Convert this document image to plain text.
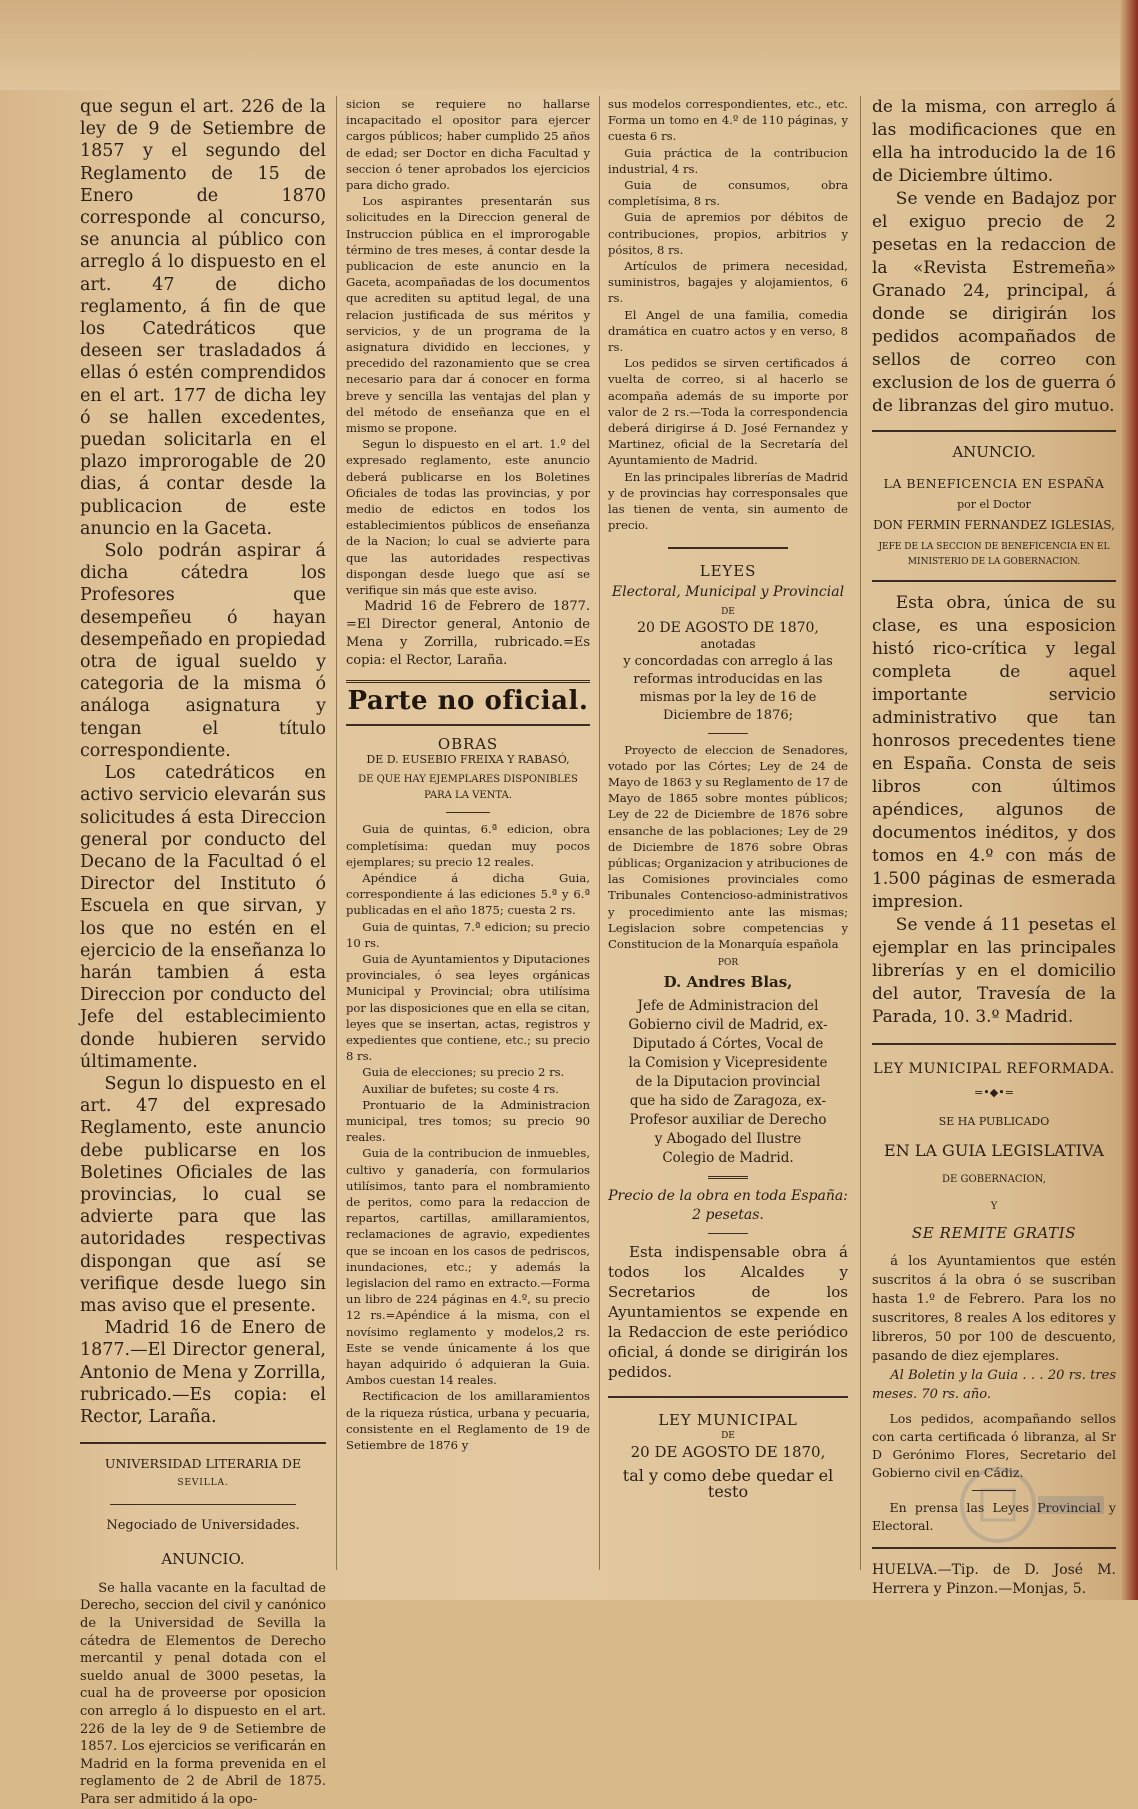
que segun el art. 226 de la ley de 9 de Setiembre de 1857 y el segundo del Reglamento de 15 de Enero de 1870 corresponde al concurso, se anuncia al público con arreglo á lo dispuesto en el art. 47 de dicho reglamento, á fin de que los Catedráticos que deseen ser trasladados á ellas ó estén comprendidos en el art. 177 de dicha ley ó se hallen excedentes, puedan solicitarla en el plazo improrogable de 20 dias, á contar desde la publicacion de este anuncio en la Gaceta.

Solo podrán aspirar á dicha cátedra los Profesores que desempeñeu ó hayan desempeñado en propiedad otra de igual sueldo y categoria de la misma ó análoga asignatura y tengan el título correspondiente.

Los catedráticos en activo servicio elevarán sus solicitudes á esta Direccion general por conducto del Decano de la Facultad ó el Director del Instituto ó Escuela en que sirvan, y los que no estén en el ejercicio de la enseñanza lo harán tambien á esta Direccion por conducto del Jefe del establecimiento donde hubieren servido últimamente.

Segun lo dispuesto en el art. 47 del expresado Reglamento, este anuncio debe publicarse en los Boletines Oficiales de las provincias, lo cual se advierte para que las autoridades respectivas dispongan que así se verifique desde luego sin mas aviso que el presente.

Madrid 16 de Enero de 1877.—El Director general, Antonio de Mena y Zorrilla, rubricado.—Es copia: el Rector, Laraña.

UNIVERSIDAD LITERARIA DE
SEVILLA.
Negociado de Universidades.
ANUNCIO.

Se halla vacante en la facultad de Derecho, seccion del civil y canónico de la Universidad de Sevilla la cátedra de Elementos de Derecho mercantil y penal dotada con el sueldo anual de 3000 pesetas, la cual ha de proveerse por oposicion con arreglo á lo dispuesto en el art. 226 de la ley de 9 de Setiembre de 1857. Los ejercicios se verificarán en Madrid en la forma prevenida en el reglamento de 2 de Abril de 1875. Para ser admitido á la opo-

sicion se requiere no hallarse incapacitado el opositor para ejercer cargos públicos; haber cumplido 25 años de edad; ser Doctor en dicha Facultad y seccion ó tener aprobados los ejercicios para dicho grado.

Los aspirantes presentarán sus solicitudes en la Direccion general de Instruccion pública en el improrogable término de tres meses, á contar desde la publicacion de este anuncio en la Gaceta, acompañadas de los documentos que acrediten su aptitud legal, de una relacion justificada de sus méritos y servicios, y de un programa de la asignatura dividido en lecciones, y precedido del razonamiento que se crea necesario para dar á conocer en forma breve y sencilla las ventajas del plan y del método de enseñanza que en el mismo se propone.

Segun lo dispuesto en el art. 1.º del expresado reglamento, este anuncio deberá publicarse en los Boletines Oficiales de todas las provincias, y por medio de edictos en todos los establecimientos públicos de enseñanza de la Nacion; lo cual se advierte para que las autoridades respectivas dispongan desde luego que así se verifique sin más que este aviso.

Madrid 16 de Febrero de 1877. =El Director general, Antonio de Mena y Zorrilla, rubricado.=Es copia: el Rector, Laraña.

Parte no oficial.
OBRAS
DE D. EUSEBIO FREIXA Y RABASÓ,
DE QUE HAY EJEMPLARES DISPONIBLES PARA LA VENTA.

Guia de quintas, 6.ª edicion, obra completísima: quedan muy pocos ejemplares; su precio 12 reales.

Apéndice á dicha Guia, correspondiente á las ediciones 5.ª y 6.ª publicadas en el año 1875; cuesta 2 rs.

Guia de quintas, 7.ª edicion; su precio 10 rs.

Guia de Ayuntamientos y Diputaciones provinciales, ó sea leyes orgánicas Municipal y Provincial; obra utilísima por las disposiciones que en ella se citan, leyes que se insertan, actas, registros y expedientes que contiene, etc.; su precio 8 rs.

Guia de elecciones; su precio 2 rs.

Auxiliar de bufetes; su coste 4 rs.

Prontuario de la Administracion municipal, tres tomos; su precio 90 reales.

Guia de la contribucion de inmuebles, cultivo y ganadería, con formularios utilísimos, tanto para el nombramiento de peritos, como para la redaccion de repartos, cartillas, amillaramientos, reclamaciones de agravio, expedientes que se incoan en los casos de pedriscos, inundaciones, etc.; y además la legislacion del ramo en extracto.—Forma un libro de 224 páginas en 4.º, su precio 12 rs.=Apéndice á la misma, con el novísimo reglamento y modelos,2 rs. Este se vende únicamente á los que hayan adquirido ó adquieran la Guia. Ambos cuestan 14 reales.

Rectificacion de los amillaramientos de la riqueza rústica, urbana y pecuaria, consistente en el Reglamento de 19 de Setiembre de 1876 y

sus modelos correspondientes, etc., etc. Forma un tomo en 4.º de 110 páginas, y cuesta 6 rs.

Guia práctica de la contribucion industrial, 4 rs.

Guia de consumos, obra completísima, 8 rs.

Guia de apremios por débitos de contribuciones, propios, arbitrios y pósitos, 8 rs.

Artículos de primera necesidad, suministros, bagajes y alojamientos, 6 rs.

El Angel de una familia, comedia dramática en cuatro actos y en verso, 8 rs.

Los pedidos se sirven certificados á vuelta de correo, si al hacerlo se acompaña además de su importe por valor de 2 rs.—Toda la correspondencia deberá dirigirse á D. José Fernandez y Martinez, oficial de la Secretaría del Ayuntamiento de Madrid.

En las principales librerías de Madrid y de provincias hay corresponsales que las tienen de venta, sin aumento de precio.

LEYES
Electoral, Municipal y Provincial
DE
20 DE AGOSTO DE 1870,
anotadas
y concordadas con arreglo á las reformas introducidas en las mismas por la ley de 16 de Diciembre de 1876;

Proyecto de eleccion de Senadores, votado por las Córtes; Ley de 24 de Mayo de 1863 y su Reglamento de 17 de Mayo de 1865 sobre montes públicos; Ley de 22 de Diciembre de 1876 sobre ensanche de las poblaciones; Ley de 29 de Diciembre de 1876 sobre Obras públicas; Organizacion y atribuciones de las Comisiones provinciales como Tribunales Contencioso-administrativos y procedimiento ante las mismas; Legislacion sobre competencias y Constitucion de la Monarquía española

POR
D. Andres Blas,
Jefe de Administracion del Gobierno civil de Madrid, ex-Diputado á Córtes, Vocal de la Comision y Vicepresidente de la Diputacion provincial que ha sido de Zaragoza, ex-Profesor auxiliar de Derecho y Abogado del Ilustre Colegio de Madrid.
Precio de la obra en toda España: 2 pesetas.

Esta indispensable obra á todos los Alcaldes y Secretarios de los Ayuntamientos se expende en la Redaccion de este periódico oficial, á donde se dirigirán los pedidos.

LEY MUNICIPAL
DE
20 DE AGOSTO DE 1870,
tal y como debe quedar el testo

de la misma, con arreglo á las modificaciones que en ella ha introducido la de 16 de Diciembre último.

Se vende en Badajoz por el exiguo precio de 2 pesetas en la redaccion de la «Revista Estremeña» Granado 24, principal, á donde se dirigirán los pedidos acompañados de sellos de correo con exclusion de los de guerra ó de libranzas del giro mutuo.

ANUNCIO.
LA BENEFICENCIA EN ESPAÑA
por el Doctor
DON FERMIN FERNANDEZ IGLESIAS,
JEFE DE LA SECCION DE BENEFICENCIA EN EL MINISTERIO DE LA GOBERNACION.

Esta obra, única de su clase, es una esposicion histó rico-crítica y legal completa de aquel importante servicio administrativo que tan honrosos precedentes tiene en España. Consta de seis libros con últimos apéndices, algunos de documentos inéditos, y dos tomos en 4.º con más de 1.500 páginas de esmerada impresion.

Se vende á 11 pesetas el ejemplar en las principales librerías y en el domicilio del autor, Travesía de la Parada, 10. 3.º Madrid.

LEY MUNICIPAL REFORMADA.
=•◆•=
SE HA PUBLICADO
EN LA GUIA LEGISLATIVA
DE GOBERNACION,
Y
SE REMITE GRATIS

á los Ayuntamientos que estén suscritos á la obra ó se suscriban hasta 1.º de Febrero. Para los no suscritores, 8 reales A los editores y libreros, 50 por 100 de descuento, pasando de diez ejemplares.

Al Boletin y la Guia . . . 20 rs. tres meses. 70 rs. año.

Los pedidos, acompañando sellos con carta certificada ó libranza, al Sr D Gerónimo Flores, Secretario del Gobierno civil en Cádiz.

En prensa las Leyes Provincial y Electoral.

HUELVA.—Tip. de D. José M. Herrera y Pinzon.—Monjas, 5.
